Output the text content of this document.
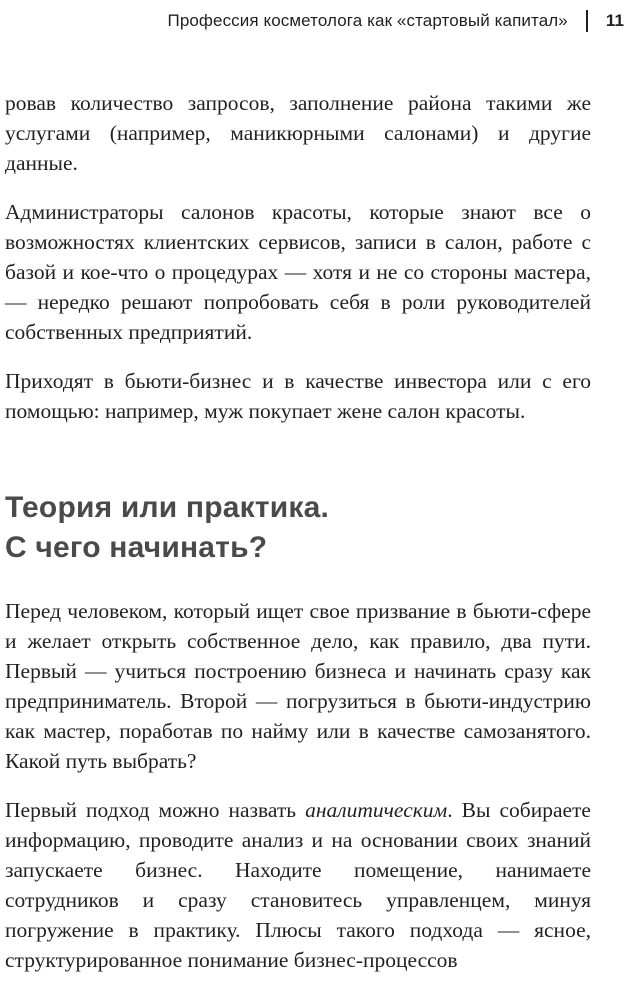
Профессия косметолога как «стартовый капитал» 11

ровав количество запросов, заполнение района такими же услугами (например, маникюрными салонами) и другие данные.

Администраторы салонов красоты, которые знают все о возможностях клиентских сервисов, записи в салон, работе с базой и кое-что о процедурах — хотя и не со стороны мастера, — нередко решают попробовать себя в роли руководителей собственных предприятий.

Приходят в бьюти-бизнес и в качестве инвестора или с его помощью: например, муж покупает жене салон красоты.

Теория или практика.
С чего начинать?

Перед человеком, который ищет свое призвание в бьюти-сфере и желает открыть собственное дело, как правило, два пути. Первый — учиться построению бизнеса и начинать сразу как предприниматель. Второй — погрузиться в бьюти-индустрию как мастер, поработав по найму или в качестве самозанятого. Какой путь выбрать?

Первый подход можно назвать аналитическим. Вы собираете информацию, проводите анализ и на основании своих знаний запускаете бизнес. Находите помещение, нанимаете сотрудников и сразу становитесь управленцем, минуя погружение в практику. Плюсы такого подхода — ясное, структурированное понимание бизнес-процессов
